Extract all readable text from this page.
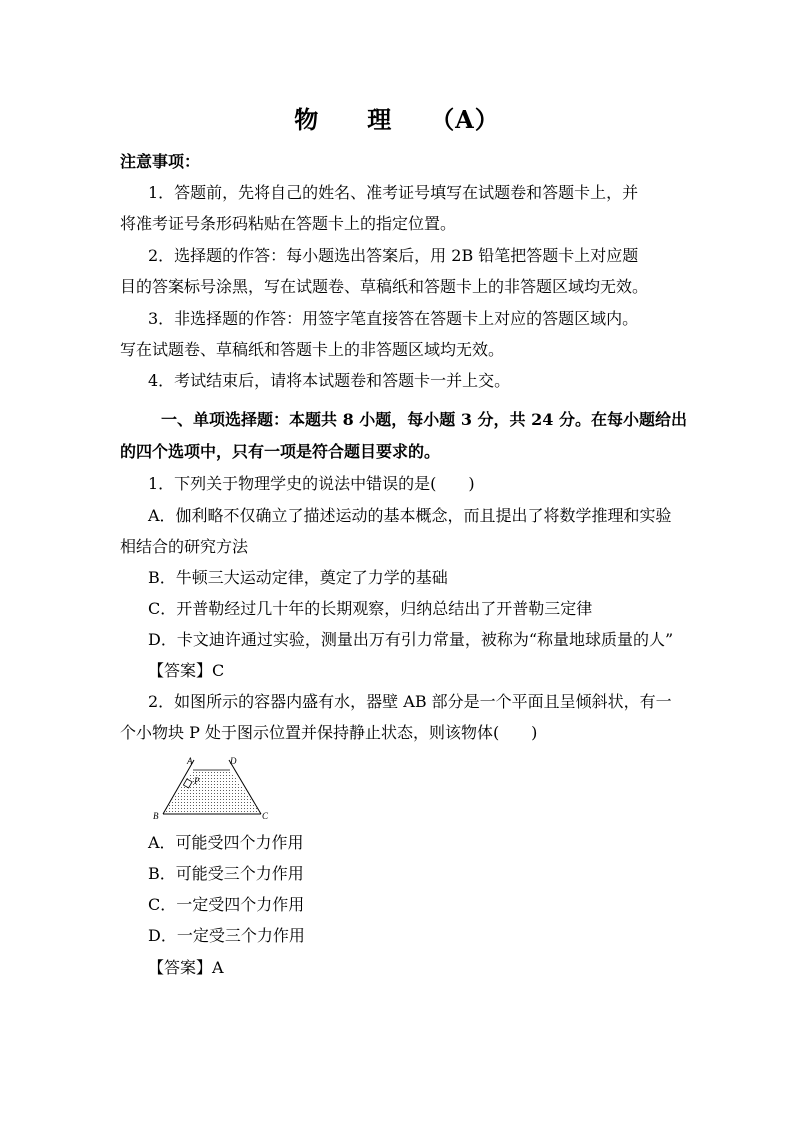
物 理 （A）
注意事项：
1．答题前，先将自己的姓名、准考证号填写在试题卷和答题卡上，并
将准考证号条形码粘贴在答题卡上的指定位置。
2．选择题的作答：每小题选出答案后，用 2B 铅笔把答题卡上对应题
目的答案标号涂黑，写在试题卷、草稿纸和答题卡上的非答题区域均无效。
3．非选择题的作答：用签字笔直接答在答题卡上对应的答题区域内。
写在试题卷、草稿纸和答题卡上的非答题区域均无效。
4．考试结束后，请将本试题卷和答题卡一并上交。
一、单项选择题：本题共 8 小题，每小题 3 分，共 24 分。在每小题给出
的四个选项中，只有一项是符合题目要求的。
1．下列关于物理学史的说法中错误的是(　　)
A．伽利略不仅确立了描述运动的基本概念，而且提出了将数学推理和实验
相结合的研究方法
B．牛顿三大运动定律，奠定了力学的基础
C．开普勒经过几十年的长期观察，归纳总结出了开普勒三定律
D．卡文迪许通过实验，测量出万有引力常量，被称为“称量地球质量的人”
【答案】C
2．如图所示的容器内盛有水，器壁 AB 部分是一个平面且呈倾斜状，有一
个小物块 P 处于图示位置并保持静止状态，则该物体(　　)
A	D
P
B	C
A．可能受四个力作用
B．可能受三个力作用
C．一定受四个力作用
D．一定受三个力作用
【答案】A
